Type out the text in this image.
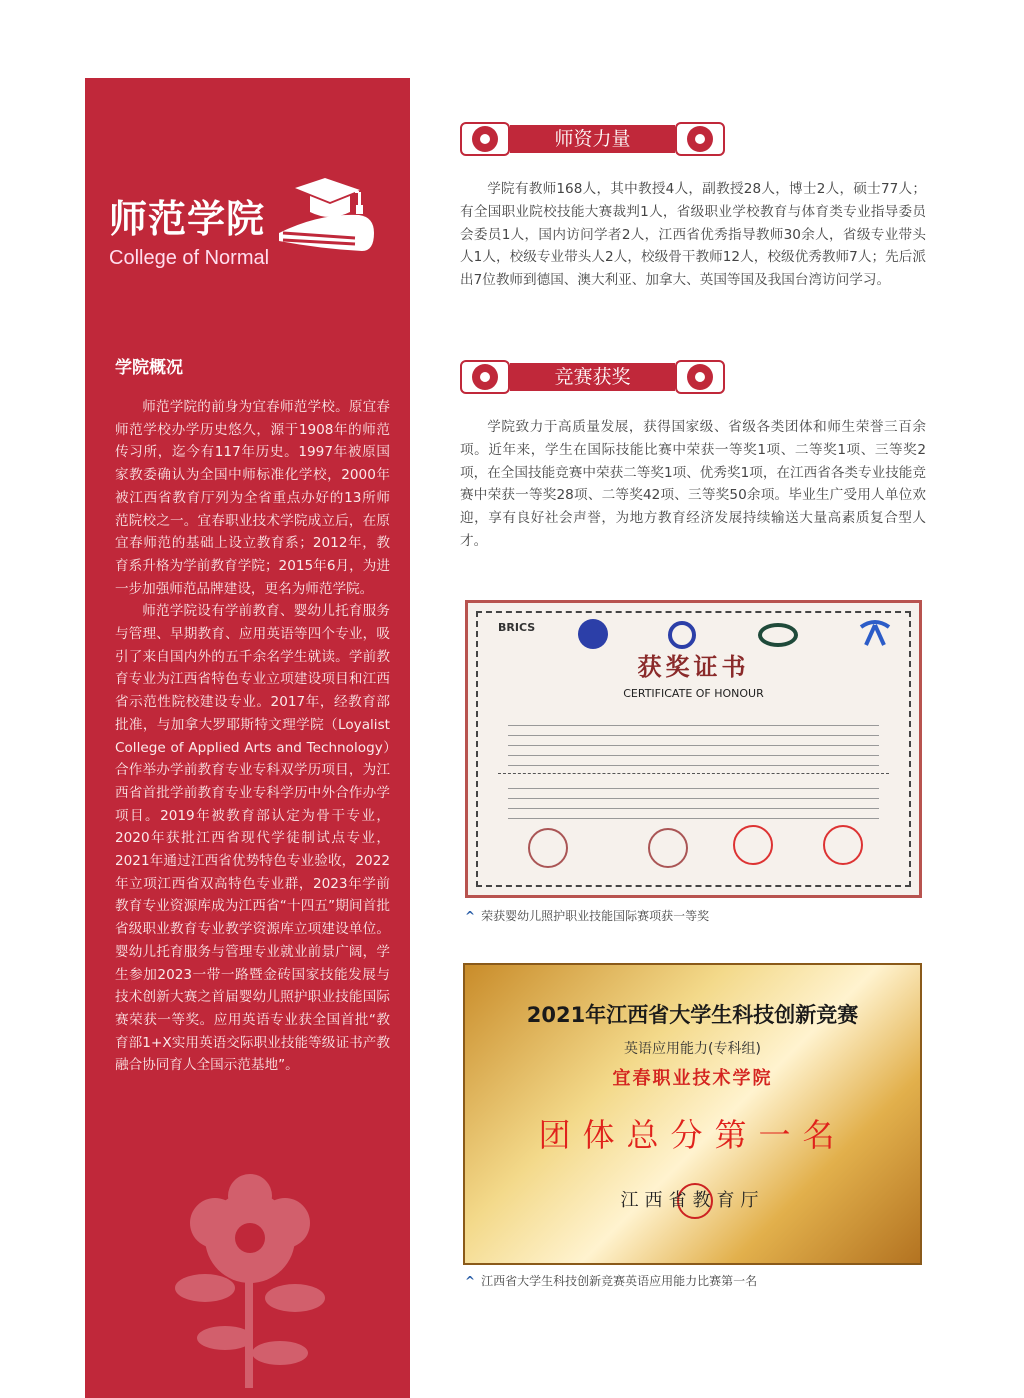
师范学院
College of Normal
学院概况

师范学院的前身为宜春师范学校。原宜春师范学校办学历史悠久，源于1908年的师范传习所，迄今有117年历史。1997年被原国家教委确认为全国中师标准化学校，2000年被江西省教育厅列为全省重点办好的13所师范院校之一。宜春职业技术学院成立后，在原宜春师范的基础上设立教育系；2012年，教育系升格为学前教育学院；2015年6月，为进一步加强师范品牌建设，更名为师范学院。

师范学院设有学前教育、婴幼儿托育服务与管理、早期教育、应用英语等四个专业，吸引了来自国内外的五千余名学生就读。学前教育专业为江西省特色专业立项建设项目和江西省示范性院校建设专业。2017年，经教育部批准，与加拿大罗耶斯特文理学院（Loyalist College of Applied Arts and Technology）合作举办学前教育专业专科双学历项目，为江西省首批学前教育专业专科学历中外合作办学项目。2019年被教育部认定为骨干专业，2020年获批江西省现代学徒制试点专业，2021年通过江西省优势特色专业验收，2022年立项江西省双高特色专业群，2023年学前教育专业资源库成为江西省“十四五”期间首批省级职业教育专业教学资源库立项建设单位。婴幼儿托育服务与管理专业就业前景广阔，学生参加2023一带一路暨金砖国家技能发展与技术创新大赛之首届婴幼儿照护职业技能国际赛荣获一等奖。应用英语专业获全国首批“教育部1+X实用英语交际职业技能等级证书产教融合协同育人全国示范基地”。

师资力量
学院有教师168人，其中教授4人，副教授28人，博士2人，硕士77人；有全国职业院校技能大赛裁判1人，省级职业学校教育与体育类专业指导委员会委员1人，国内访问学者2人，江西省优秀指导教师30余人，省级专业带头人1人，校级专业带头人2人，校级骨干教师12人，校级优秀教师7人；先后派出7位教师到德国、澳大利亚、加拿大、英国等国及我国台湾访问学习。
竞赛获奖
学院致力于高质量发展，获得国家级、省级各类团体和师生荣誉三百余项。近年来，学生在国际技能比赛中荣获一等奖1项、二等奖1项、三等奖2项，在全国技能竞赛中荣获二等奖1项、优秀奖1项，在江西省各类专业技能竞赛中荣获一等奖28项、二等奖42项、三等奖50余项。毕业生广受用人单位欢迎，享有良好社会声誉，为地方教育经济发展持续输送大量高素质复合型人才。
BRICS
获奖证书
CERTIFICATE OF HONOUR
^ 荣获婴幼儿照护职业技能国际赛项获一等奖
2021年江西省大学生科技创新竞赛
英语应用能力(专科组)
宜春职业技术学院
团体总分第一名
江西省教育厅
^ 江西省大学生科技创新竞赛英语应用能力比赛第一名
